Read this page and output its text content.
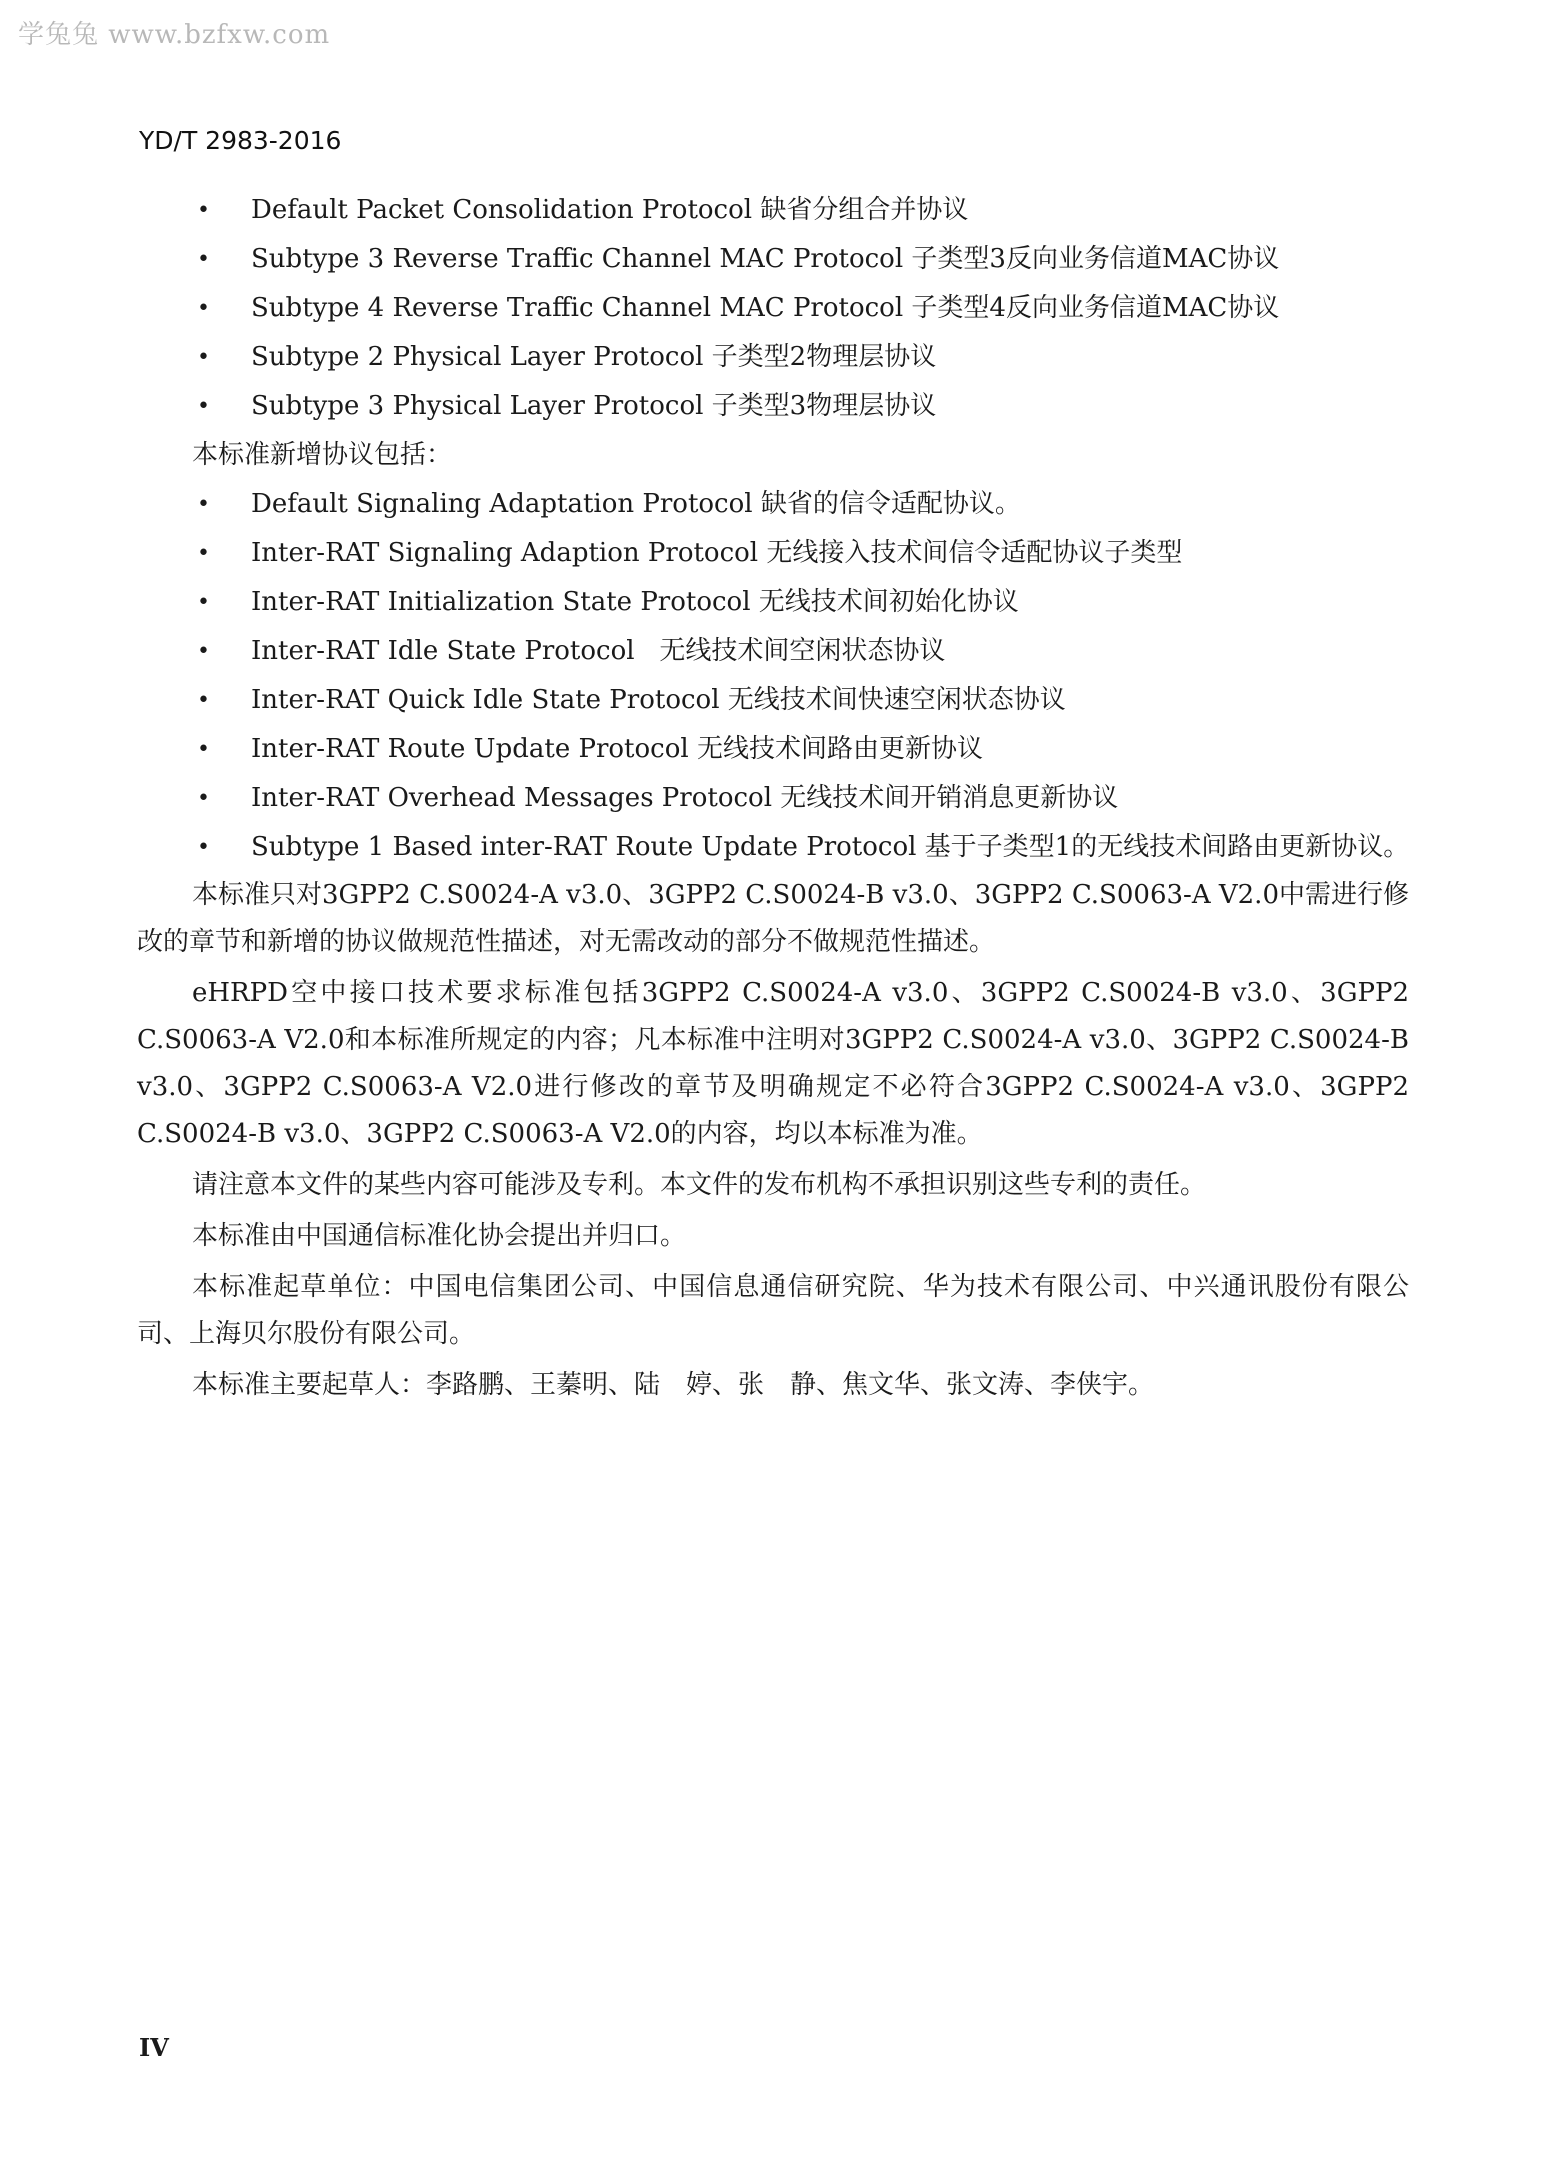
学兔兔 www.bzfxw.com
YD/T 2983-2016
• Default Packet Consolidation Protocol 缺省分组合并协议
• Subtype 3 Reverse Traffic Channel MAC Protocol 子类型3反向业务信道MAC协议
• Subtype 4 Reverse Traffic Channel MAC Protocol 子类型4反向业务信道MAC协议
• Subtype 2 Physical Layer Protocol 子类型2物理层协议
• Subtype 3 Physical Layer Protocol 子类型3物理层协议
本标准新增协议包括：
• Default Signaling Adaptation Protocol 缺省的信令适配协议。
• Inter-RAT Signaling Adaption Protocol 无线接入技术间信令适配协议子类型
• Inter-RAT Initialization State Protocol 无线技术间初始化协议
• Inter-RAT Idle State Protocol   无线技术间空闲状态协议
• Inter-RAT Quick Idle State Protocol 无线技术间快速空闲状态协议
• Inter-RAT Route Update Protocol 无线技术间路由更新协议
• Inter-RAT Overhead Messages Protocol 无线技术间开销消息更新协议
• Subtype 1 Based inter-RAT Route Update Protocol 基于子类型1的无线技术间路由更新协议。

本标准只对3GPP2 C.S0024-A v3.0、3GPP2 C.S0024-B v3.0、3GPP2 C.S0063-A V2.0中需进行修改的章节和新增的协议做规范性描述，对无需改动的部分不做规范性描述。

eHRPD空中接口技术要求标准包括3GPP2 C.S0024-A v3.0、3GPP2 C.S0024-B v3.0、3GPP2 C.S0063-A V2.0和本标准所规定的内容；凡本标准中注明对3GPP2 C.S0024-A v3.0、3GPP2 C.S0024-B v3.0、3GPP2 C.S0063-A V2.0进行修改的章节及明确规定不必符合3GPP2 C.S0024-A v3.0、3GPP2 C.S0024-B v3.0、3GPP2 C.S0063-A V2.0的内容，均以本标准为准。

请注意本文件的某些内容可能涉及专利。本文件的发布机构不承担识别这些专利的责任。

本标准由中国通信标准化协会提出并归口。

本标准起草单位：中国电信集团公司、中国信息通信研究院、华为技术有限公司、中兴通讯股份有限公司、上海贝尔股份有限公司。

本标准主要起草人：李路鹏、王蓁明、陆　婷、张　静、焦文华、张文涛、李侠宇。

IV
